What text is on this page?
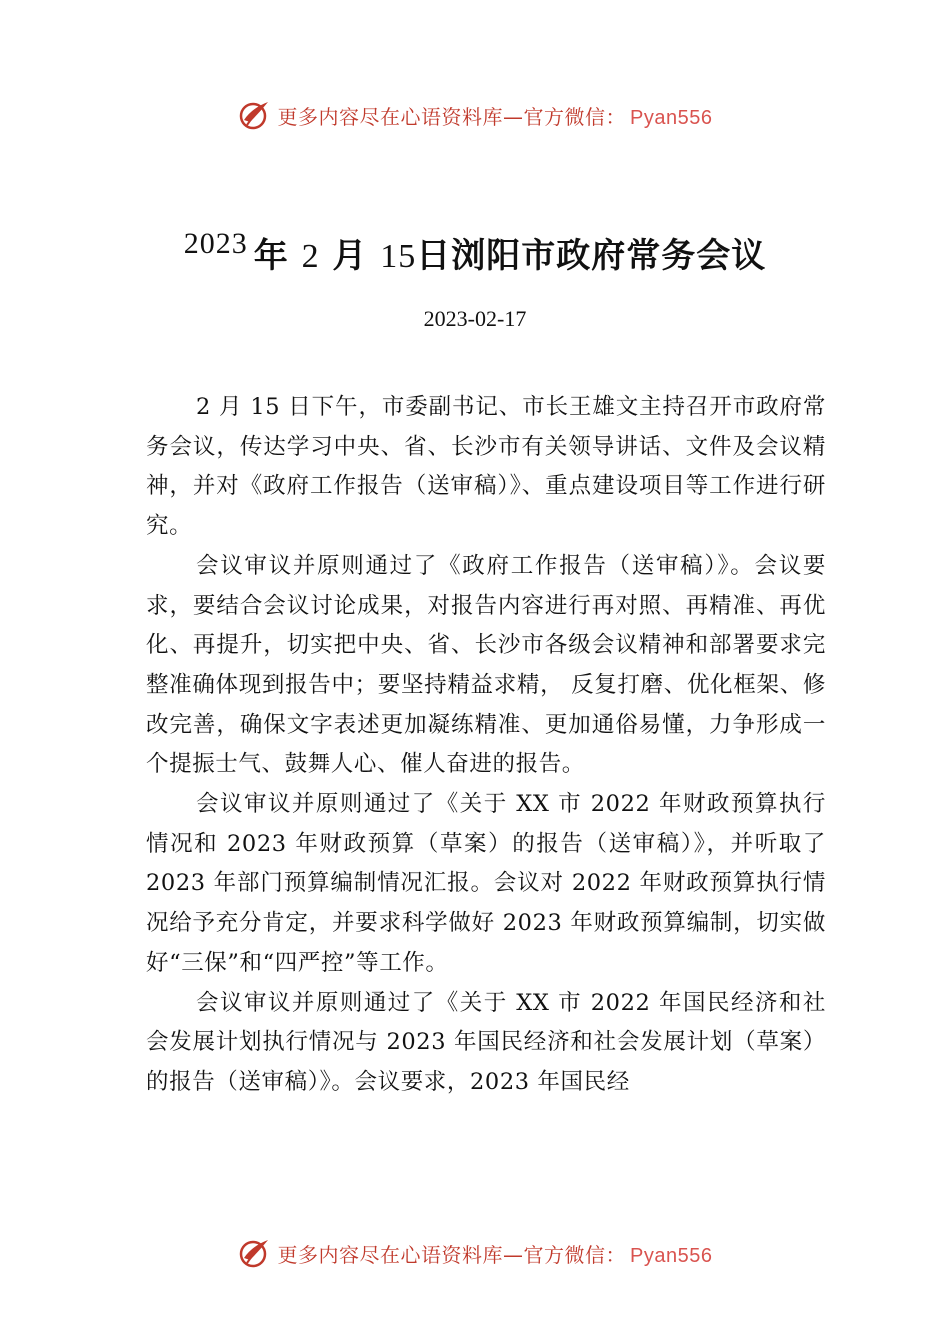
更多内容尽在心语资料库—官方微信： Pyan556
2023 年 2 月 15日浏阳市政府常务会议
2023-02-17

2 月 15 日下午，市委副书记、市长王雄文主持召开市政府常务会议，传达学习中央、省、长沙市有关领导讲话、文件及会议精神，并对《政府工作报告（送审稿）》、重点建设项目等工作进行研究。

会议审议并原则通过了《政府工作报告（送审稿）》。会议要求，要结合会议讨论成果，对报告内容进行再对照、再精准、再优化、再提升，切实把中央、省、长沙市各级会议精神和部署要求完整准确体现到报告中；要坚持精益求精， 反复打磨、优化框架、修改完善，确保文字表述更加凝练精准、更加通俗易懂，力争形成一个提振士气、鼓舞人心、催人奋进的报告。

会议审议并原则通过了《关于 XX 市 2022 年财政预算执行情况和 2023 年财政预算（草案）的报告（送审稿）》，并听取了 2023 年部门预算编制情况汇报。会议对 2022 年财政预算执行情况给予充分肯定，并要求科学做好 2023 年财政预算编制，切实做好“三保”和“四严控”等工作。

会议审议并原则通过了《关于 XX 市 2022 年国民经济和社会发展计划执行情况与 2023 年国民经济和社会发展计划（草案）的报告（送审稿）》。会议要求，2023 年国民经

更多内容尽在心语资料库—官方微信： Pyan556
